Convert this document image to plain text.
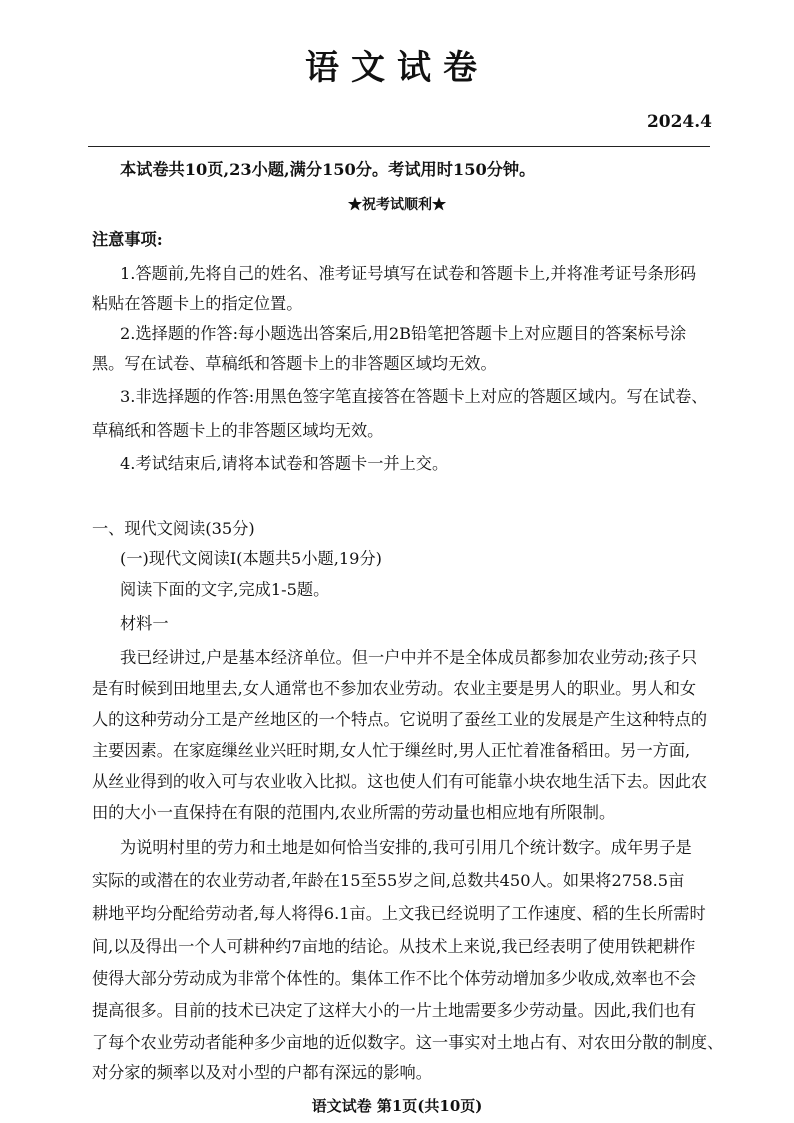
语文试卷
2024.4
本试卷共10页,23小题,满分150分。考试用时150分钟。
★祝考试顺利★
注意事项:
1.答题前,先将自己的姓名、准考证号填写在试卷和答题卡上,并将准考证号条形码
粘贴在答题卡上的指定位置。
2.选择题的作答:每小题选出答案后,用2B铅笔把答题卡上对应题目的答案标号涂
黑。写在试卷、草稿纸和答题卡上的非答题区域均无效。
3.非选择题的作答:用黑色签字笔直接答在答题卡上对应的答题区域内。写在试卷、
草稿纸和答题卡上的非答题区域均无效。
4.考试结束后,请将本试卷和答题卡一并上交。
一、现代文阅读(35分)
(一)现代文阅读Ⅰ(本题共5小题,19分)
阅读下面的文字,完成1-5题。
材料一
我已经讲过,户是基本经济单位。但一户中并不是全体成员都参加农业劳动;孩子只
是有时候到田地里去,女人通常也不参加农业劳动。农业主要是男人的职业。男人和女
人的这种劳动分工是产丝地区的一个特点。它说明了蚕丝工业的发展是产生这种特点的
主要因素。在家庭缫丝业兴旺时期,女人忙于缫丝时,男人正忙着准备稻田。另一方面,
从丝业得到的收入可与农业收入比拟。这也使人们有可能靠小块农地生活下去。因此农
田的大小一直保持在有限的范围内,农业所需的劳动量也相应地有所限制。
为说明村里的劳力和土地是如何恰当安排的,我可引用几个统计数字。成年男子是
实际的或潜在的农业劳动者,年龄在15至55岁之间,总数共450人。如果将2758.5亩
耕地平均分配给劳动者,每人将得6.1亩。上文我已经说明了工作速度、稻的生长所需时
间,以及得出一个人可耕种约7亩地的结论。从技术上来说,我已经表明了使用铁耙耕作
使得大部分劳动成为非常个体性的。集体工作不比个体劳动增加多少收成,效率也不会
提高很多。目前的技术已决定了这样大小的一片土地需要多少劳动量。因此,我们也有
了每个农业劳动者能种多少亩地的近似数字。这一事实对土地占有、对农田分散的制度、
对分家的频率以及对小型的户都有深远的影响。
语文试卷 第1页(共10页)
